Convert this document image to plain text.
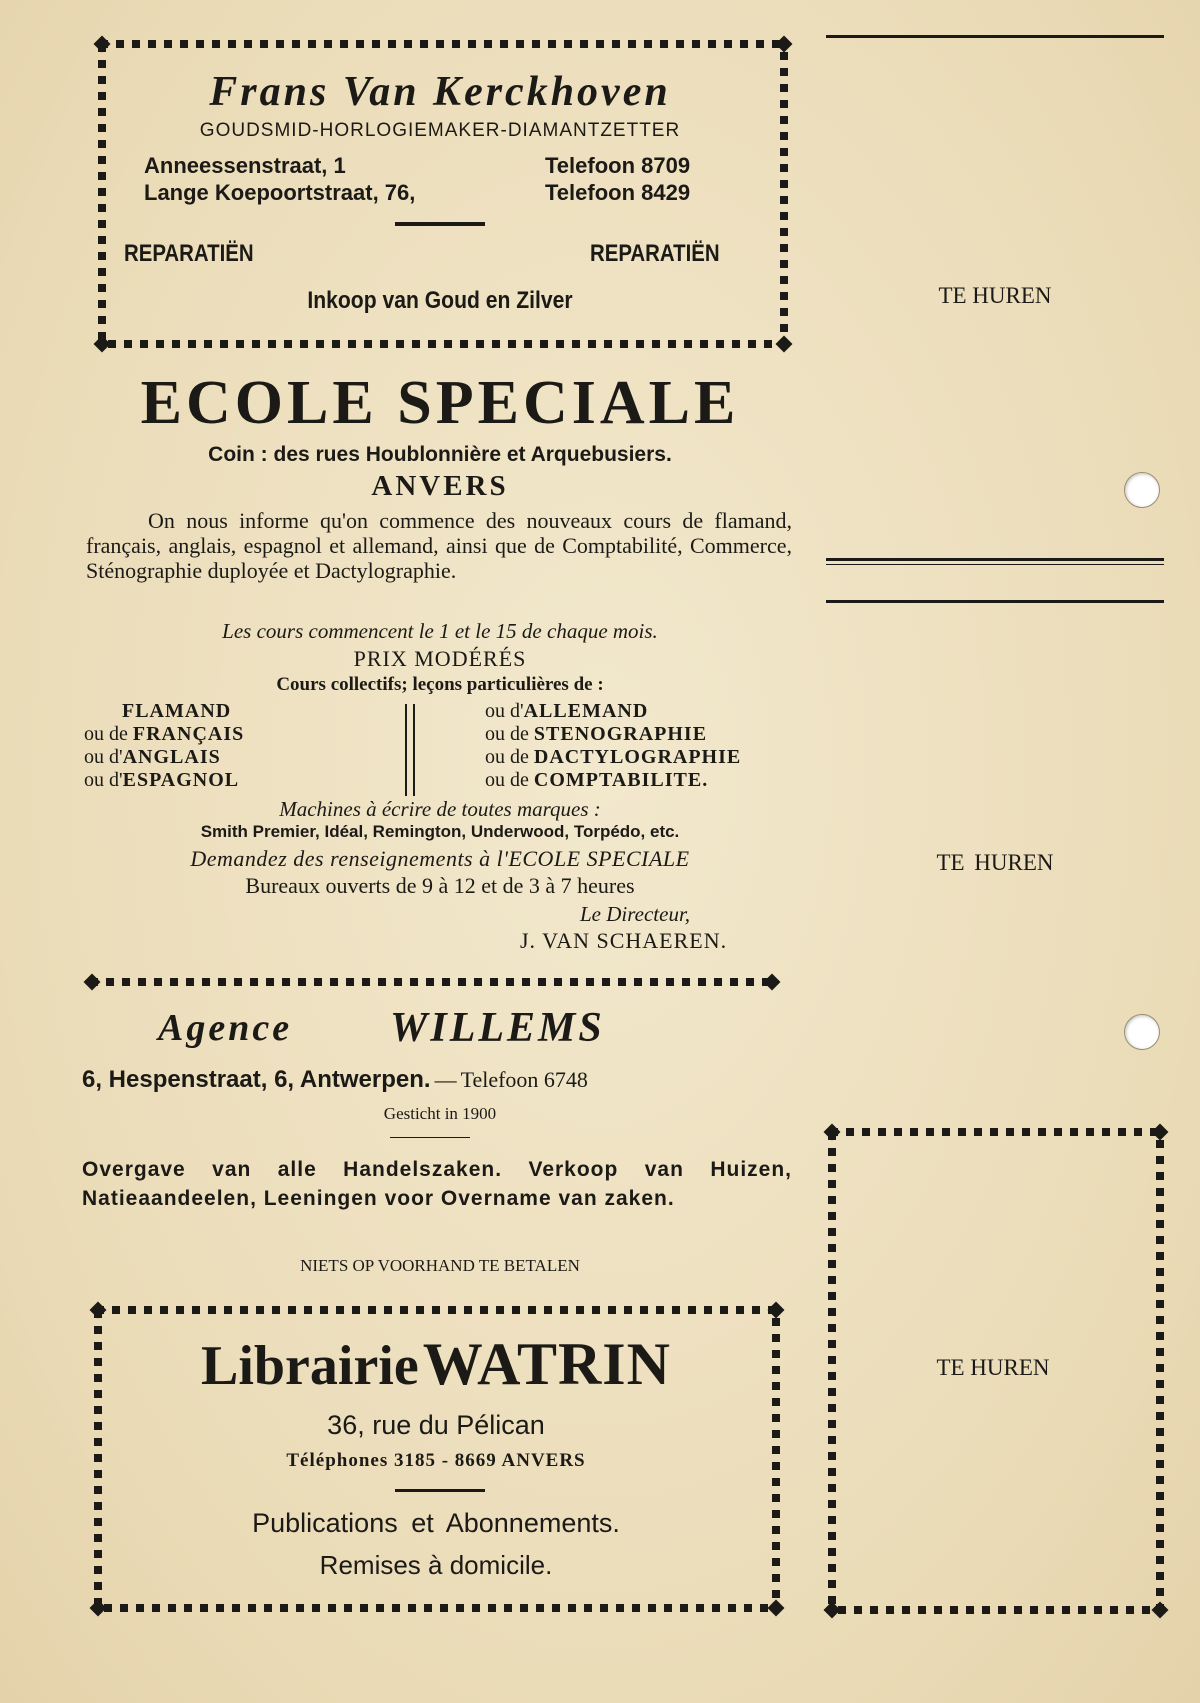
Frans Van Kerckhoven
GOUDSMID-HORLOGIEMAKER-DIAMANTZETTER
Anneessenstraat, 1
Lange Koepoortstraat, 76,
Telefoon 8709
Telefoon 8429
REPARATIËN	REPARATIËN
Inkoop van Goud en Zilver
ECOLE SPECIALE
Coin : des rues Houblonnière et Arquebusiers.
ANVERS
On nous informe qu'on commence des nouveaux cours de flamand, français, anglais, espagnol et allemand, ainsi que de Comptabilité, Commerce, Sténographie duployée et Dactylographie.
Les cours commencent le 1 et le 15 de chaque mois.
PRIX MODÉRÉS
Cours collectifs; leçons particulières de :
FLAMAND
ou de FRANÇAIS
ou d'ANGLAIS
ou d'ESPAGNOL
ou d'ALLEMAND
ou de STENOGRAPHIE
ou de DACTYLOGRAPHIE
ou de COMPTABILITE.
Machines à écrire de toutes marques :
Smith Premier, Idéal, Remington, Underwood, Torpédo, etc.
Demandez des renseignements à l'ECOLE SPECIALE
Bureaux ouverts de 9 à 12 et de 3 à 7 heures
Le Directeur,
J. VAN SCHAEREN.
Agence WILLEMS
6, Hespenstraat, 6, Antwerpen. — Telefoon 6748
Gesticht in 1900
Overgave van alle Handelszaken. Verkoop van Huizen, Natieaandeelen, Leeningen voor Overname van zaken.
NIETS OP VOORHAND TE BETALEN
Librairie WATRIN
36, rue du Pélican
Téléphones 3185 - 8669 ANVERS
Publications et Abonnements.
Remises à domicile.
TE HUREN
TE HUREN
TE HUREN
